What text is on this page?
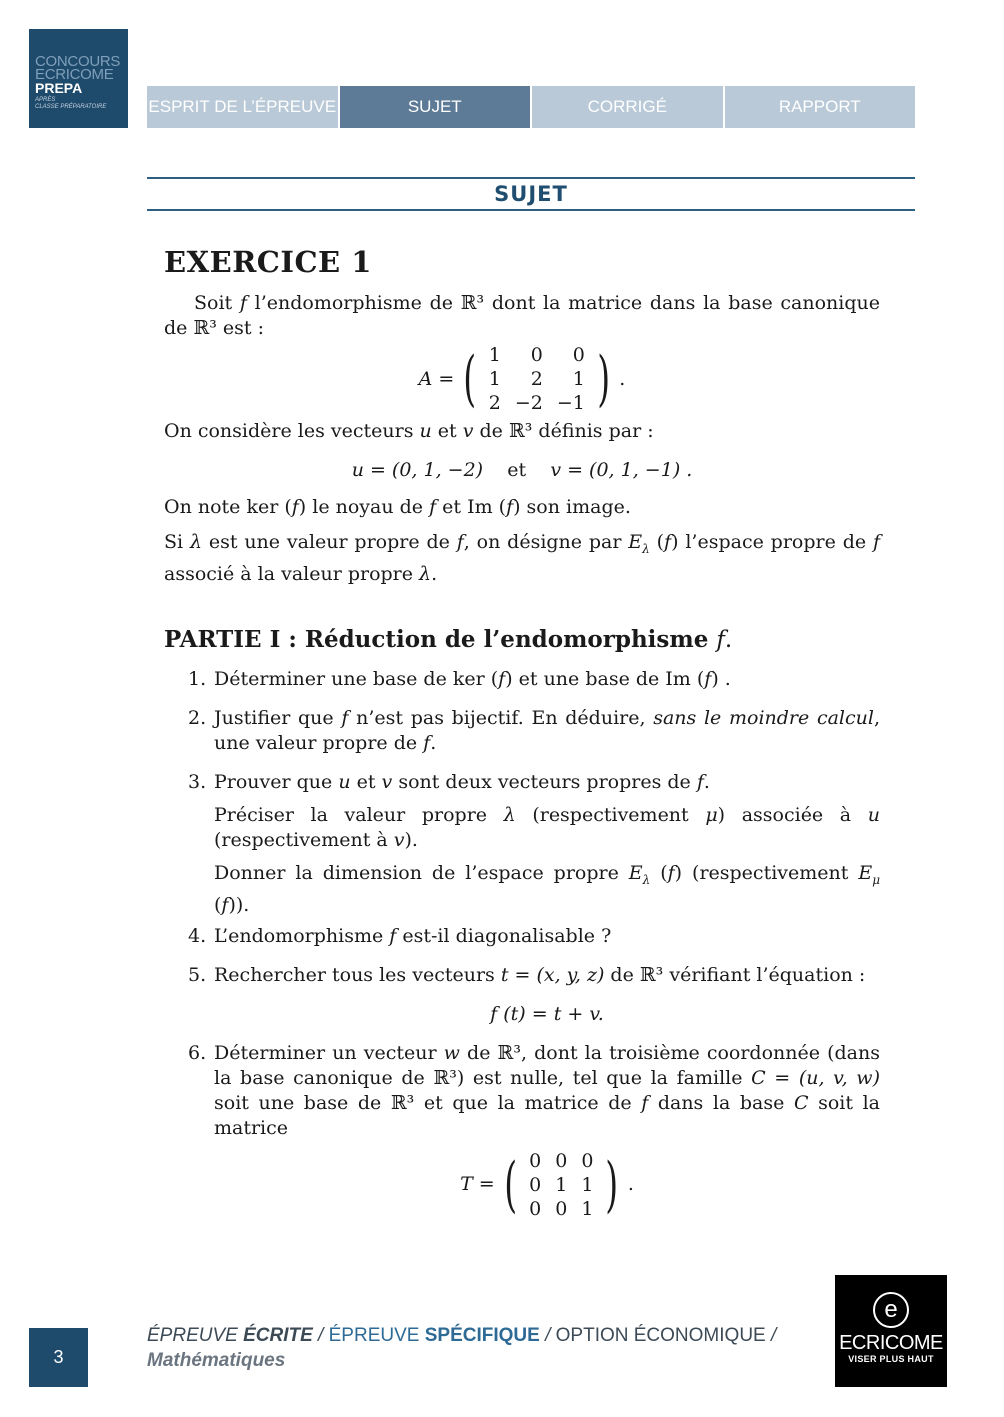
CONCOURS
ECRICOME
PREPA
APRÈS
CLASSE PRÉPARATOIRE	ESPRIT DE L’ÉPREUVE	SUJET	CORRIGÉ	RAPPORT
SUJET
EXERCICE 1

Soit f l’endomorphisme de ℝ³ dont la matrice dans la base canonique de ℝ³ est :

A = ( 1	0	0
1	2	1
2	−2	−1 ) .

On considère les vecteurs u et v de ℝ³ définis par :

u = (0, 1, −2) et v = (0, 1, −1) .

On note ker (f) le noyau de f et Im (f) son image.

Si λ est une valeur propre de f, on désigne par $E_\lambda$ (f) l’espace propre de f associé à la valeur propre λ.

PARTIE I : Réduction de l’endomorphisme f.
1. Déterminer une base de ker (f) et une base de Im (f) .
2. Justifier que f n’est pas bijectif. En déduire, sans le moindre calcul, une valeur propre de f.
3. Prouver que u et v sont deux vecteurs propres de f.
Préciser la valeur propre λ (respectivement μ) associée à u (respectivement à v).
Donner la dimension de l’espace propre $E_\lambda$ (f) (respectivement $E_\mu$ (f)).
4. L’endomorphisme f est-il diagonalisable ?
5. Rechercher tous les vecteurs t = (x, y, z) de ℝ³ vérifiant l’équation :
f (t) = t + v.
6. Déterminer un vecteur w de ℝ³, dont la troisième coordonnée (dans la base canonique de ℝ³) est nulle, tel que la famille C = (u, v, w) soit une base de ℝ³ et que la matrice de f dans la base C soit la matrice
T = ( 0	0	0
0	1	1
0	0	1 ) .
3
ÉPREUVE ÉCRITE / ÉPREUVE SPÉCIFIQUE / OPTION ÉCONOMIQUE /
Mathématiques
e
ECRICOME
VISER PLUS HAUT
